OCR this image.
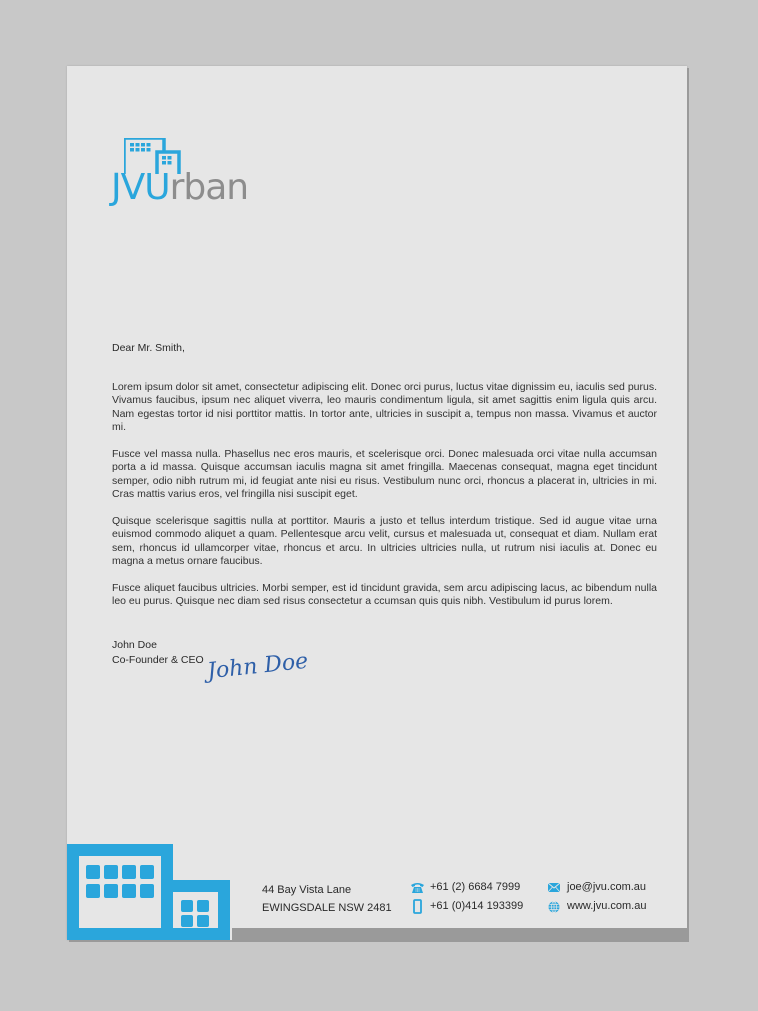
JVUrban
Dear Mr. Smith,

Lorem ipsum dolor sit amet, consectetur adipiscing elit. Donec orci purus, luctus vitae dignissim eu, iaculis sed purus. Vivamus faucibus, ipsum nec aliquet viverra, leo mauris condimentum ligula, sit amet sagittis enim ligula quis arcu. Nam egestas tortor id nisi porttitor mattis. In tortor ante, ultricies in suscipit a, tempus non massa. Vivamus et auctor mi.

Fusce vel massa nulla. Phasellus nec eros mauris, et scelerisque orci. Donec malesuada orci vitae nulla accumsan porta a id massa. Quisque accumsan iaculis magna sit amet fringilla. Maecenas consequat, magna eget tincidunt semper, odio nibh rutrum mi, id feugiat ante nisi eu risus. Vestibulum nunc orci, rhoncus a placerat in, ultricies in mi. Cras mattis varius eros, vel fringilla nisi suscipit eget.

Quisque scelerisque sagittis nulla at porttitor. Mauris a justo et tellus interdum tristique. Sed id augue vitae urna euismod commodo aliquet a quam. Pellentesque arcu velit, cursus et malesuada ut, consequat et diam. Nullam erat sem, rhoncus id ullamcorper vitae, rhoncus et arcu. In ultricies ultricies nulla, ut rutrum nisi iaculis at. Donec eu magna a metus ornare faucibus.

Fusce aliquet faucibus ultricies. Morbi semper, est id tincidunt gravida, sem arcu adipiscing lacus, ac bibendum nulla leo eu purus. Quisque nec diam sed risus consectetur a ccumsan quis quis nibh. Vestibulum id purus lorem.

John Doe
Co-Founder & CEO John Doe
44 Bay Vista Lane
EWINGSDALE NSW 2481
+61 (2) 6684 7999
+61 (0)414 193399
joe@jvu.com.au
www.jvu.com.au
